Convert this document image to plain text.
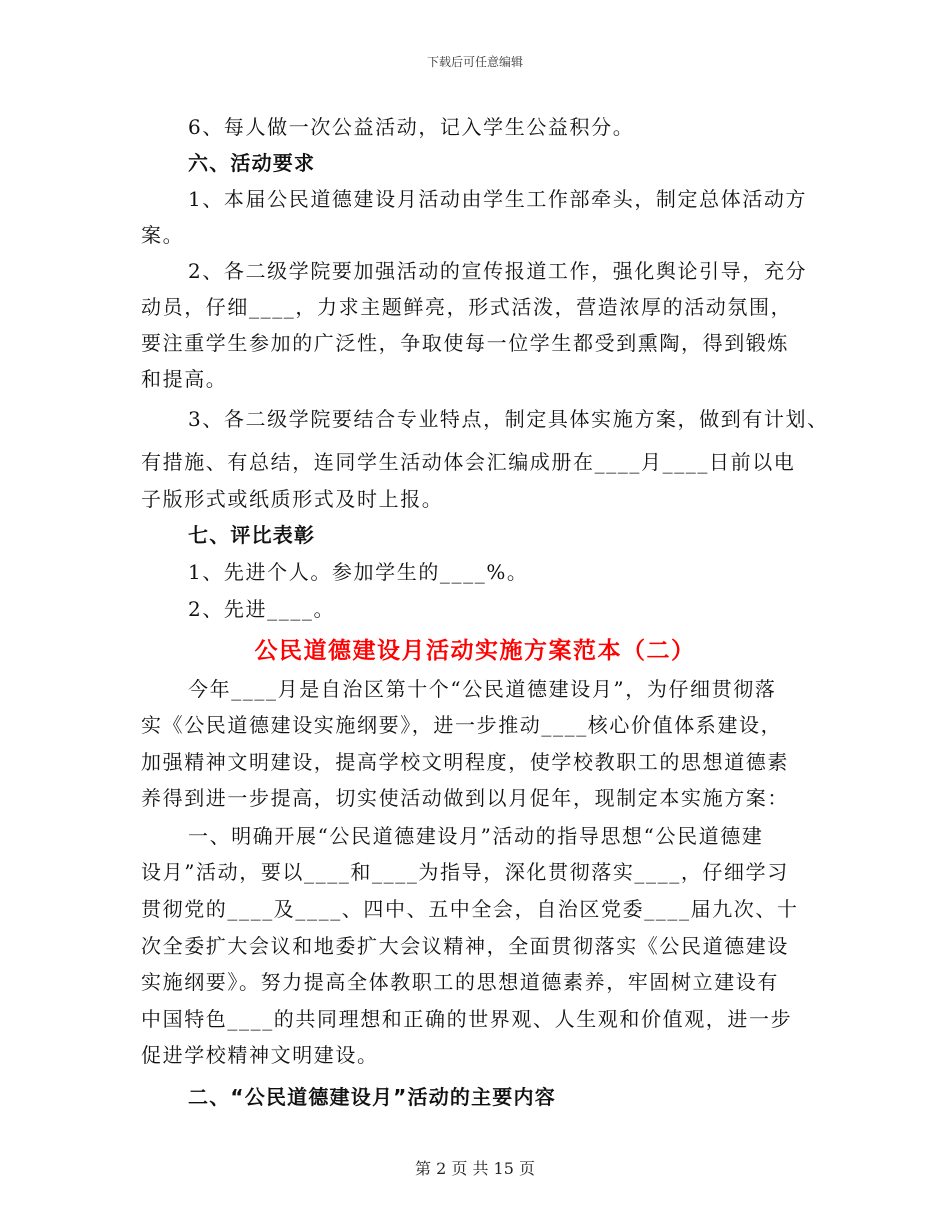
下载后可任意编辑
6、每人做一次公益活动，记入学生公益积分。
六、活动要求
1、本届公民道德建设月活动由学生工作部牵头，制定总体活动方
案。
2、各二级学院要加强活动的宣传报道工作，强化舆论引导，充分
动员，仔细____，力求主题鲜亮，形式活泼，营造浓厚的活动氛围，
要注重学生参加的广泛性，争取使每一位学生都受到熏陶，得到锻炼
和提高。
3、各二级学院要结合专业特点，制定具体实施方案，做到有计划、
有措施、有总结，连同学生活动体会汇编成册在____月____日前以电
子版形式或纸质形式及时上报。
七、评比表彰
1、先进个人。参加学生的____%。
2、先进____。
公民道德建设月活动实施方案范本（二）
今年____月是自治区第十个“公民道德建设月”，为仔细贯彻落
实《公民道德建设实施纲要》，进一步推动____核心价值体系建设，
加强精神文明建设，提高学校文明程度，使学校教职工的思想道德素
养得到进一步提高，切实使活动做到以月促年，现制定本实施方案：
一、明确开展“公民道德建设月”活动的指导思想“公民道德建
设月”活动，要以____和____为指导，深化贯彻落实____，仔细学习
贯彻党的____及____、四中、五中全会，自治区党委____届九次、十
次全委扩大会议和地委扩大会议精神，全面贯彻落实《公民道德建设
实施纲要》。努力提高全体教职工的思想道德素养，牢固树立建设有
中国特色____的共同理想和正确的世界观、人生观和价值观，进一步
促进学校精神文明建设。
二、“公民道德建设月”活动的主要内容
第 2 页 共 15 页
